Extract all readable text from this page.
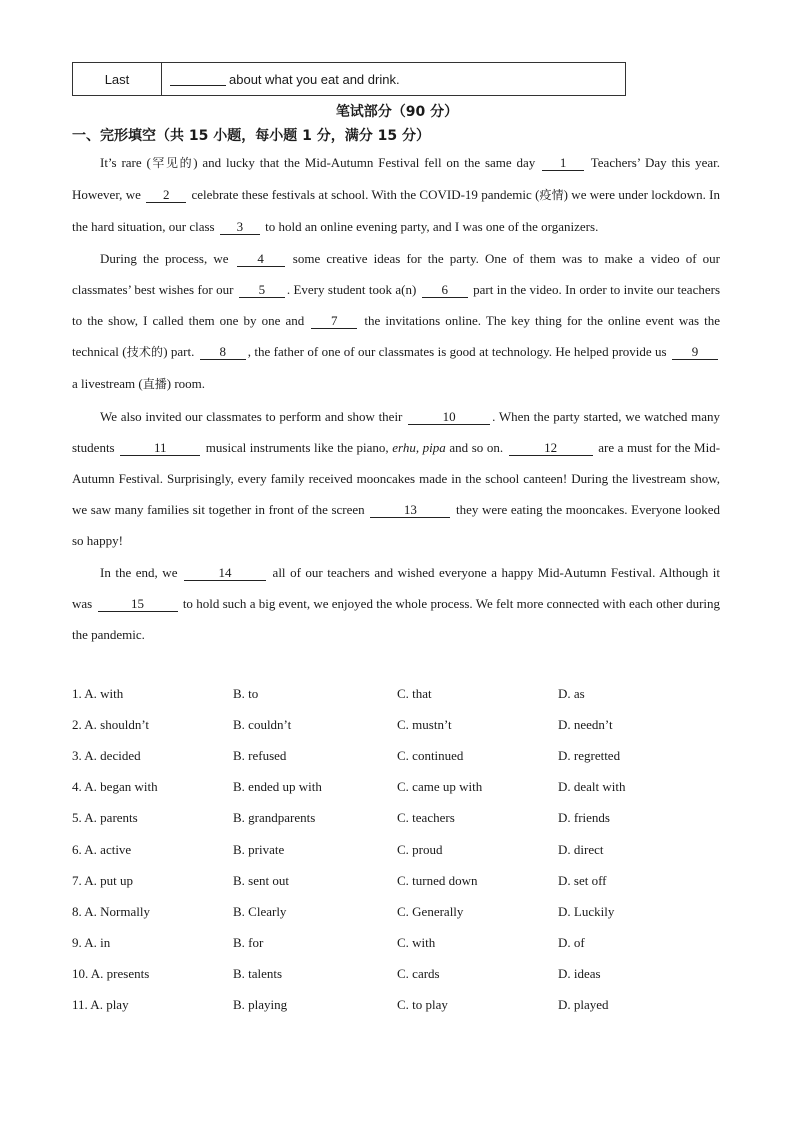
Last	about what you eat and drink.
笔试部分（90 分）
一、完形填空（共 15 小题，每小题 1 分，满分 15 分）

It’s rare (罕见的) and lucky that the Mid-Autumn Festival fell on the same day 1 Teachers’ Day this year. However, we 2 celebrate these festivals at school. With the COVID-19 pandemic (疫情) we were under lockdown. In the hard situation, our class 3 to hold an online evening party, and I was one of the organizers.

During the process, we 4 some creative ideas for the party. One of them was to make a video of our classmates’ best wishes for our 5 . Every student took a(n) 6 part in the video. In order to invite our teachers to the show, I called them one by one and 7 the invitations online. The key thing for the online event was the technical (技术的) part. 8 , the father of one of our classmates is good at technology. He helped provide us 9 a livestream (直播) room.

We also invited our classmates to perform and show their	10	. When the party started, we watched many students	11	musical instruments like the piano, erhu, pipa and so on.	12	are a must for the Mid-Autumn Festival. Surprisingly, every family received mooncakes made in the school canteen! During the livestream show, we saw many families sit together in front of the screen	13	they were eating the mooncakes. Everyone looked so happy!

In the end, we	14	all of our teachers and wished everyone a happy Mid-Autumn Festival. Although it was	15	to hold such a big event, we enjoyed the whole process. We felt more connected with each other during the pandemic.

1. A. with	B. to	C. that	D. as
2. A. shouldn’t	B. couldn’t	C. mustn’t	D. needn’t
3. A. decided	B. refused	C. continued	D. regretted
4. A. began with	B. ended up with	C. came up with	D. dealt with
5. A. parents	B. grandparents	C. teachers	D. friends
6. A. active	B. private	C. proud	D. direct
7. A. put up	B. sent out	C. turned down	D. set off
8. A. Normally	B. Clearly	C. Generally	D. Luckily
9. A. in	B. for	C. with	D. of
10. A. presents	B. talents	C. cards	D. ideas
11. A. play	B. playing	C. to play	D. played
